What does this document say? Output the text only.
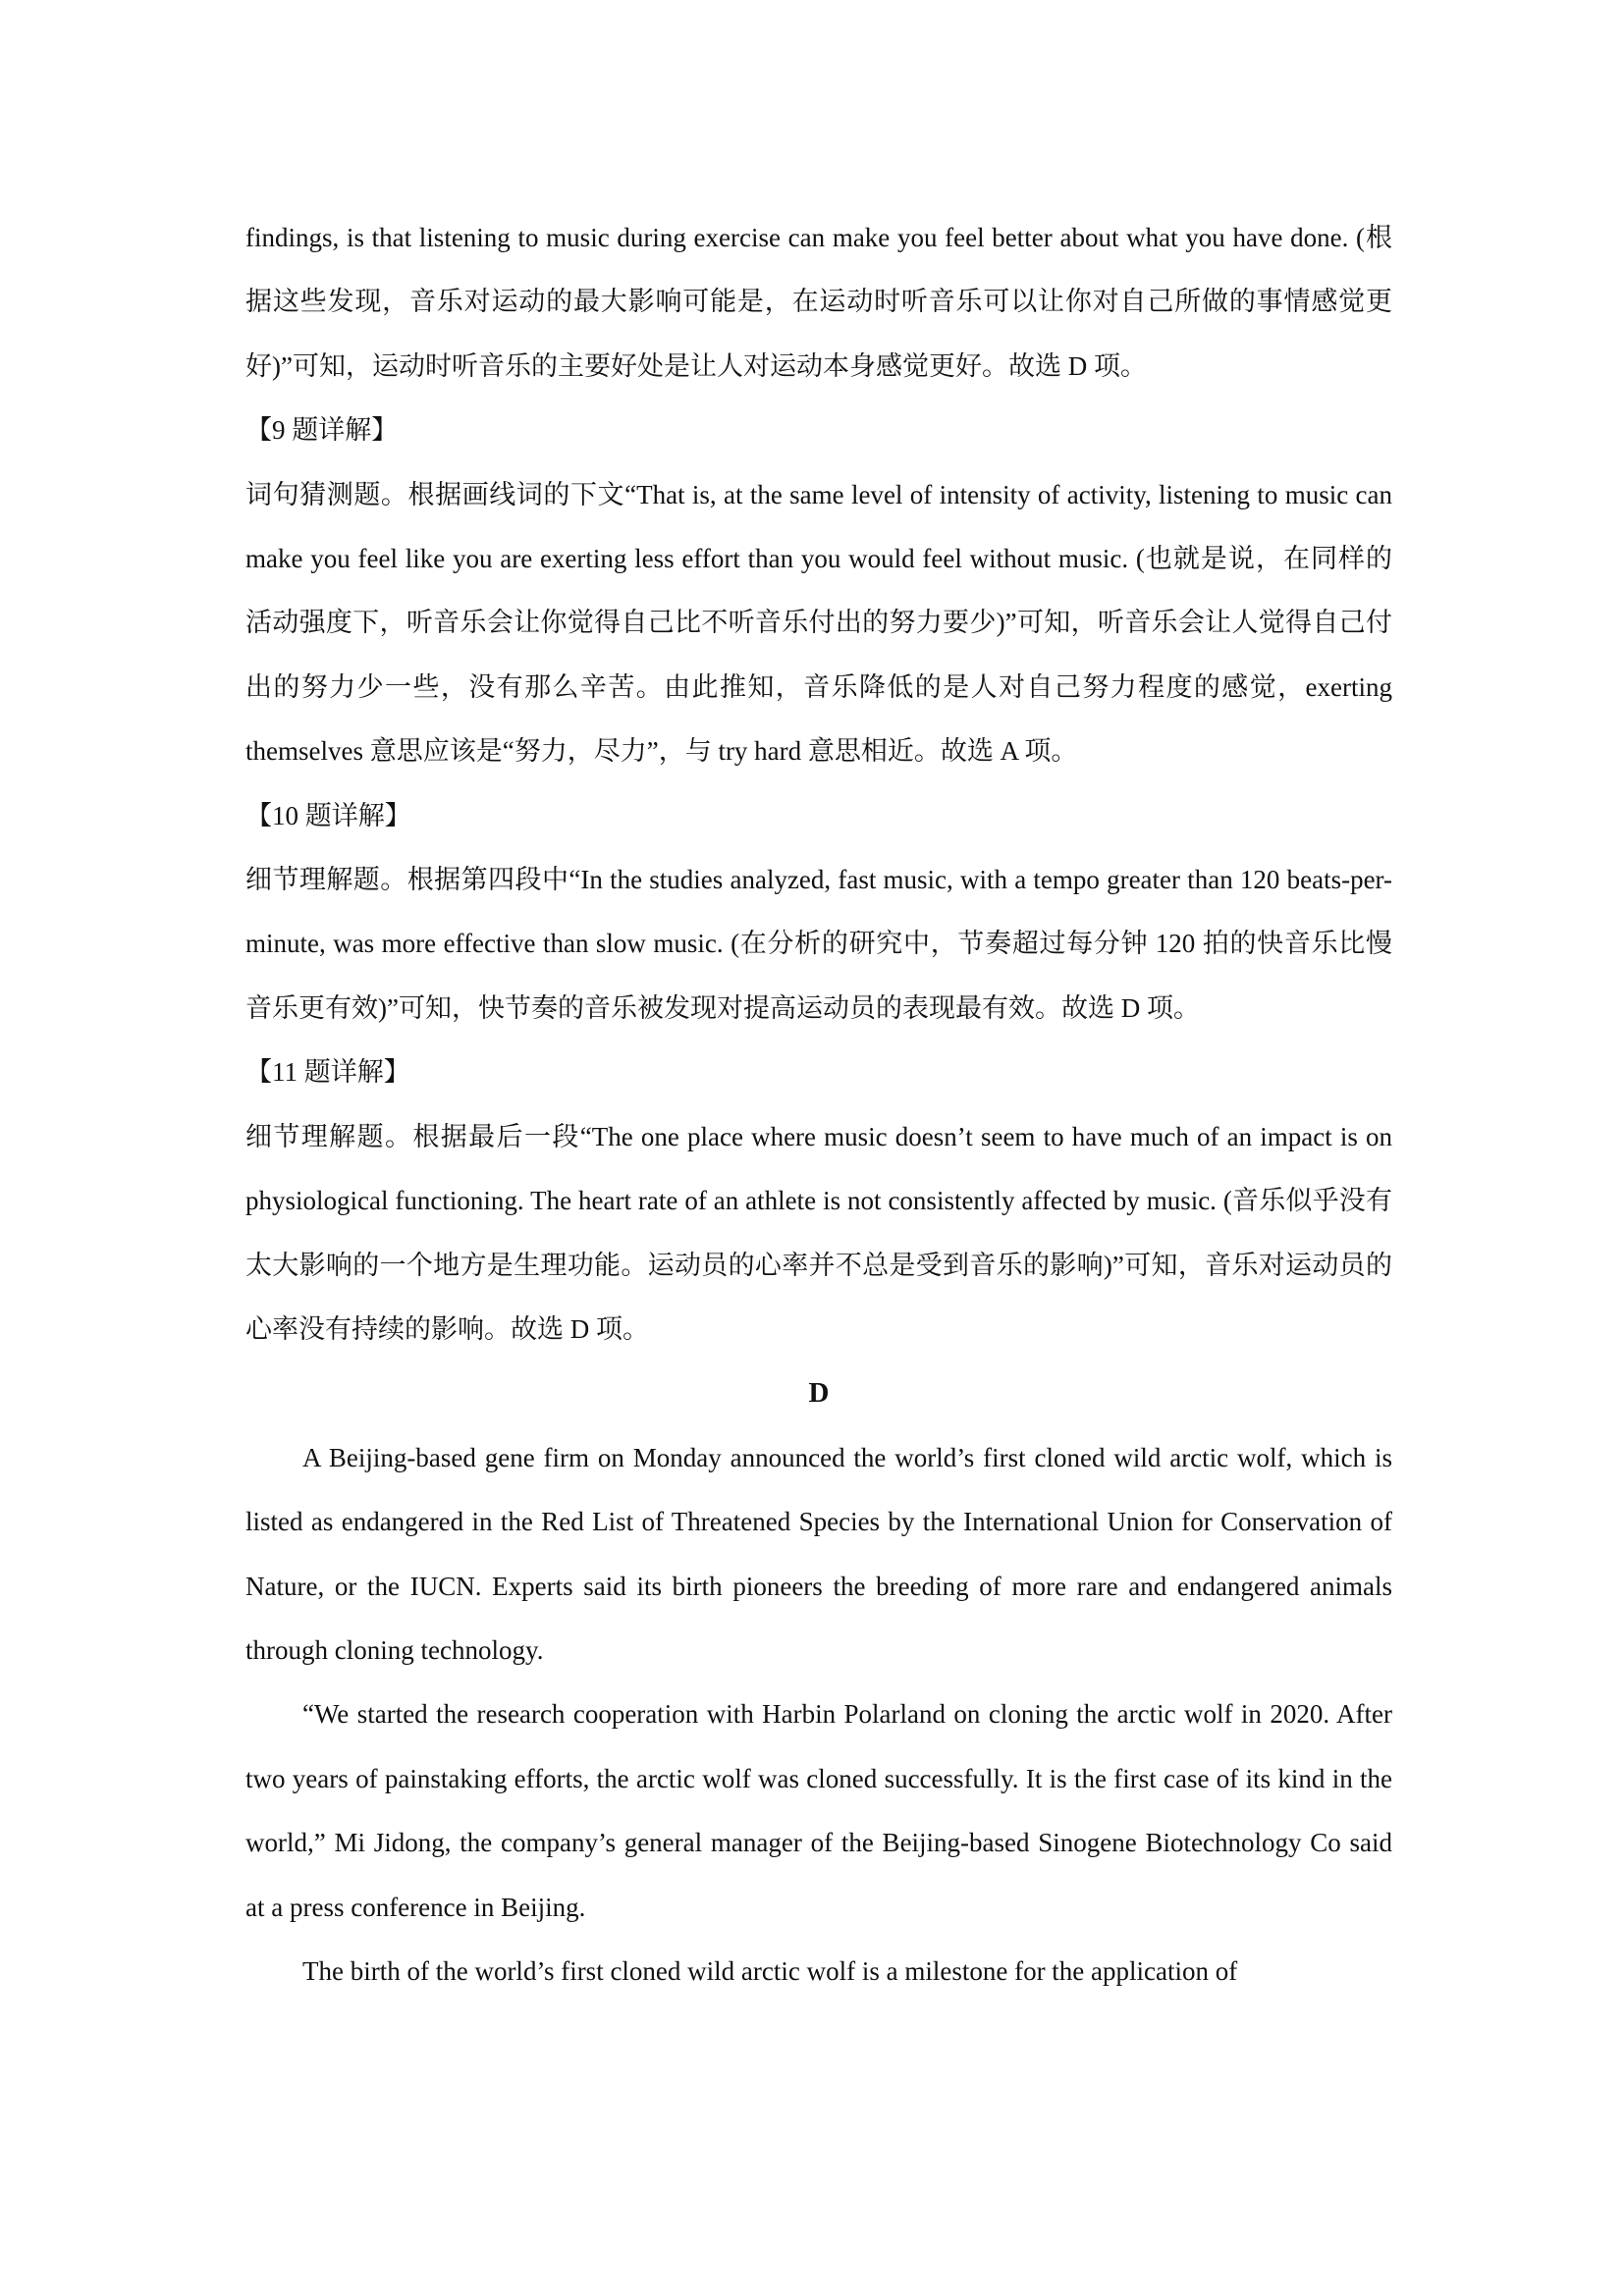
findings, is that listening to music during exercise can make you feel better about what you have done. (根据这些发现，音乐对运动的最大影响可能是，在运动时听音乐可以让你对自己所做的事情感觉更好)”可知，运动时听音乐的主要好处是让人对运动本身感觉更好。故选 D 项。

【9 题详解】

词句猜测题。根据画线词的下文“That is, at the same level of intensity of activity, listening to music can make you feel like you are exerting less effort than you would feel without music. (也就是说，在同样的活动强度下，听音乐会让你觉得自己比不听音乐付出的努力要少)”可知，听音乐会让人觉得自己付出的努力少一些，没有那么辛苦。由此推知，音乐降低的是人对自己努力程度的感觉，exerting themselves 意思应该是“努力，尽力”，与 try hard 意思相近。故选 A 项。

【10 题详解】

细节理解题。根据第四段中“In the studies analyzed, fast music, with a tempo greater than 120 beats-per-minute, was more effective than slow music. (在分析的研究中，节奏超过每分钟 120 拍的快音乐比慢音乐更有效)”可知，快节奏的音乐被发现对提高运动员的表现最有效。故选 D 项。

【11 题详解】

细节理解题。根据最后一段“The one place where music doesn’t seem to have much of an impact is on physiological functioning. The heart rate of an athlete is not consistently affected by music. (音乐似乎没有太大影响的一个地方是生理功能。运动员的心率并不总是受到音乐的影响)”可知，音乐对运动员的心率没有持续的影响。故选 D 项。

D

A Beijing-based gene firm on Monday announced the world’s first cloned wild arctic wolf, which is listed as endangered in the Red List of Threatened Species by the International Union for Conservation of Nature, or the IUCN. Experts said its birth pioneers the breeding of more rare and endangered animals through cloning technology.

“We started the research cooperation with Harbin Polarland on cloning the arctic wolf in 2020. After two years of painstaking efforts, the arctic wolf was cloned successfully. It is the first case of its kind in the world,” Mi Jidong, the company’s general manager of the Beijing-based Sinogene Biotechnology Co said at a press conference in Beijing.

The birth of the world’s first cloned wild arctic wolf is a milestone for the application of
